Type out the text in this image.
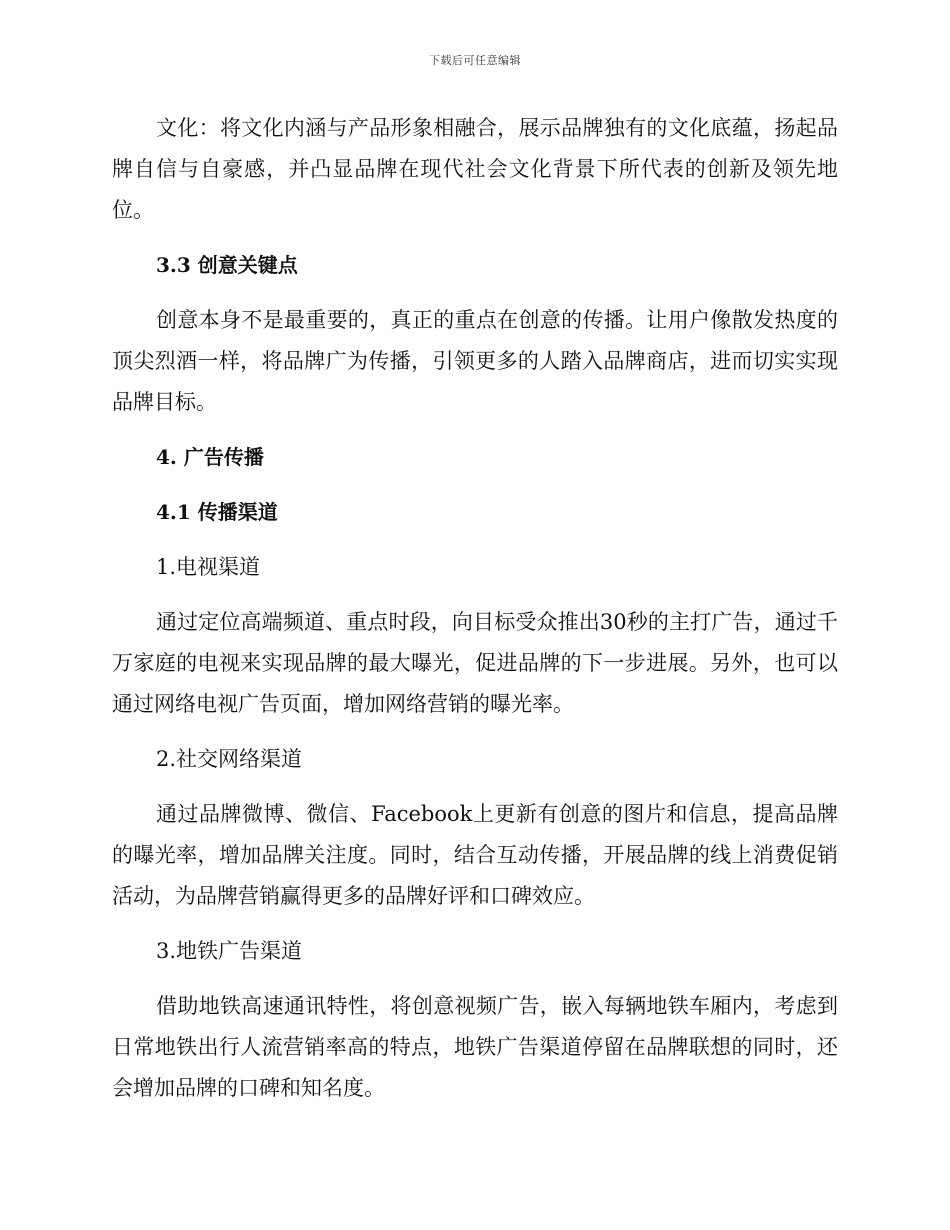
下载后可任意编辑

文化：将文化内涵与产品形象相融合，展示品牌独有的文化底蕴，扬起品牌自信与自豪感，并凸显品牌在现代社会文化背景下所代表的创新及领先地位。

3.3 创意关键点

创意本身不是最重要的，真正的重点在创意的传播。让用户像散发热度的顶尖烈酒一样，将品牌广为传播，引领更多的人踏入品牌商店，进而切实实现品牌目标。

4. 广告传播
4.1 传播渠道
1.电视渠道

通过定位高端频道、重点时段，向目标受众推出30秒的主打广告，通过千万家庭的电视来实现品牌的最大曝光，促进品牌的下一步进展。另外，也可以通过网络电视广告页面，增加网络营销的曝光率。

2.社交网络渠道

通过品牌微博、微信、Facebook上更新有创意的图片和信息，提高品牌的曝光率，增加品牌关注度。同时，结合互动传播，开展品牌的线上消费促销活动，为品牌营销赢得更多的品牌好评和口碑效应。

3.地铁广告渠道

借助地铁高速通讯特性，将创意视频广告，嵌入每辆地铁车厢内，考虑到日常地铁出行人流营销率高的特点，地铁广告渠道停留在品牌联想的同时，还会增加品牌的口碑和知名度。
